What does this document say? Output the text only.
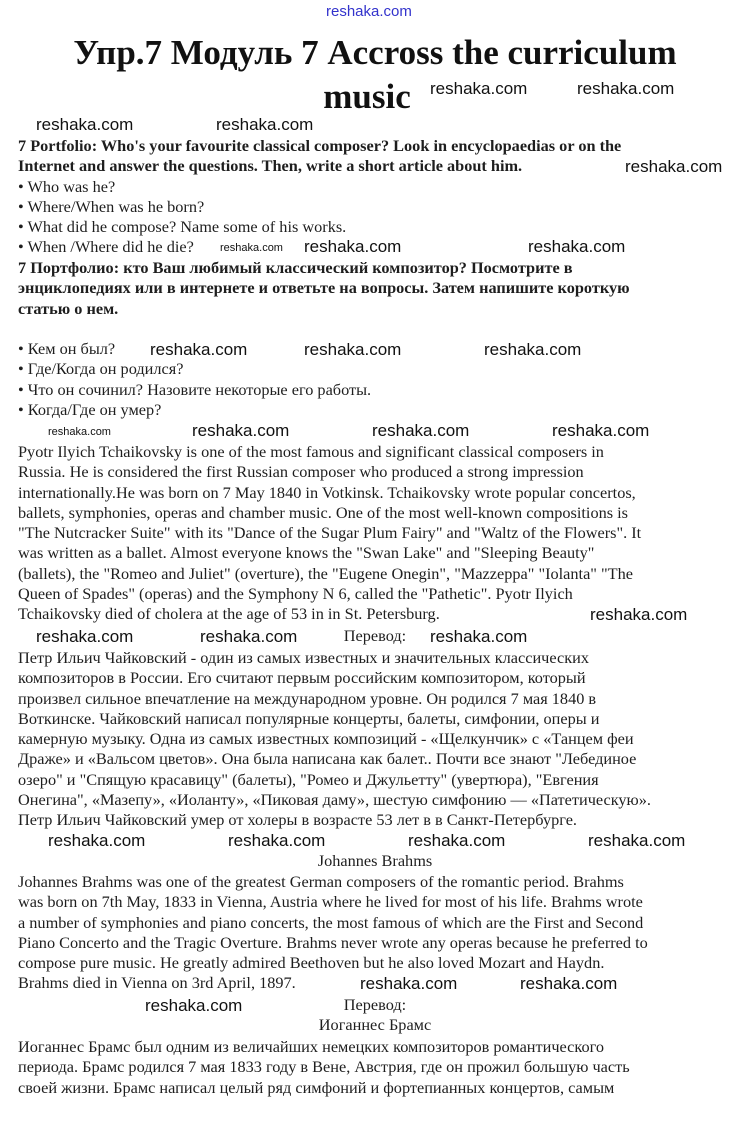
Упр.7 Модуль 7 Accross the curriculum
music
7 Portfolio: Who's your favourite classical composer? Look in encyclopaedias or on the
Internet and answer the questions. Then, write a short article about him.
• Who was he?
• Where/When was he born?
• What did he compose? Name some of his works.
• When /Where did he die?
7 Портфолио: кто Ваш любимый классический композитор? Посмотрите в
энциклопедиях или в интернете и ответьте на вопросы. Затем напишите короткую
статью о нем.
• Кем он был?
• Где/Когда он родился?
• Что он сочинил? Назовите некоторые его работы.
• Когда/Где он умер?
Pyotr Ilyich Tchaikovsky is one of the most famous and significant classical composers in
Russia. He is considered the first Russian composer who produced a strong impression
internationally.He was born on 7 May 1840 in Votkinsk. Tchaikovsky wrote popular concertos,
ballets, symphonies, operas and chamber music. One of the most well-known compositions is
"The Nutcracker Suite" with its "Dance of the Sugar Plum Fairy" and "Waltz of the Flowers". It
was written as a ballet. Almost everyone knows the "Swan Lake" and "Sleeping Beauty"
(ballets), the "Romeo and Juliet" (overture), the "Eugene Onegin", "Mazzeppa" "Iolanta" "The
Queen of Spades" (operas) and the Symphony N 6, called the "Pathetic". Pyotr Ilyich
Tchaikovsky died of cholera at the age of 53 in in St. Petersburg.
Перевод:
Петр Ильич Чайковский - один из самых известных и значительных классических
композиторов в России. Его считают первым российским композитором, который
произвел сильное впечатление на международном уровне. Он родился 7 мая 1840 в
Воткинске. Чайковский написал популярные концерты, балеты, симфонии, оперы и
камерную музыку. Одна из самых известных композиций - «Щелкунчик» с «Танцем феи
Драже» и «Вальсом цветов». Она была написана как балет.. Почти все знают "Лебединое
озеро" и "Спящую красавицу" (балеты), "Ромео и Джульетту" (увертюра), "Евгения
Онегина", «Мазепу», «Иоланту», «Пиковая даму», шестую симфонию — «Патетическую».
Петр Ильич Чайковский умер от холеры в возрасте 53 лет в в Санкт-Петербурге.
Johannes Brahms
Johannes Brahms was one of the greatest German composers of the romantic period. Brahms
was born on 7th May, 1833 in Vienna, Austria where he lived for most of his life. Brahms wrote
a number of symphonies and piano concerts, the most famous of which are the First and Second
Piano Concerto and the Tragic Overture. Brahms never wrote any operas because he preferred to
compose pure music. He greatly admired Beethoven but he also loved Mozart and Haydn.
Brahms died in Vienna on 3rd April, 1897.
Перевод:
Иоганнес Брамс
Иоганнес Брамс был одним из величайших немецких композиторов романтического
периода. Брамс родился 7 мая 1833 году в Вене, Австрия, где он прожил большую часть
своей жизни. Брамс написал целый ряд симфоний и фортепианных концертов, самым
reshaka.com
reshaka.com	reshaka.com
reshaka.com	reshaka.com
reshaka.com
reshaka.com reshaka.com	reshaka.com
reshaka.com	reshaka.com	reshaka.com
reshaka.com	reshaka.com	reshaka.com	reshaka.com
reshaka.com
reshaka.com
reshaka.com	reshaka.com
reshaka.com	reshaka.com	reshaka.com	reshaka.com
reshaka.com	reshaka.com
reshaka.com
